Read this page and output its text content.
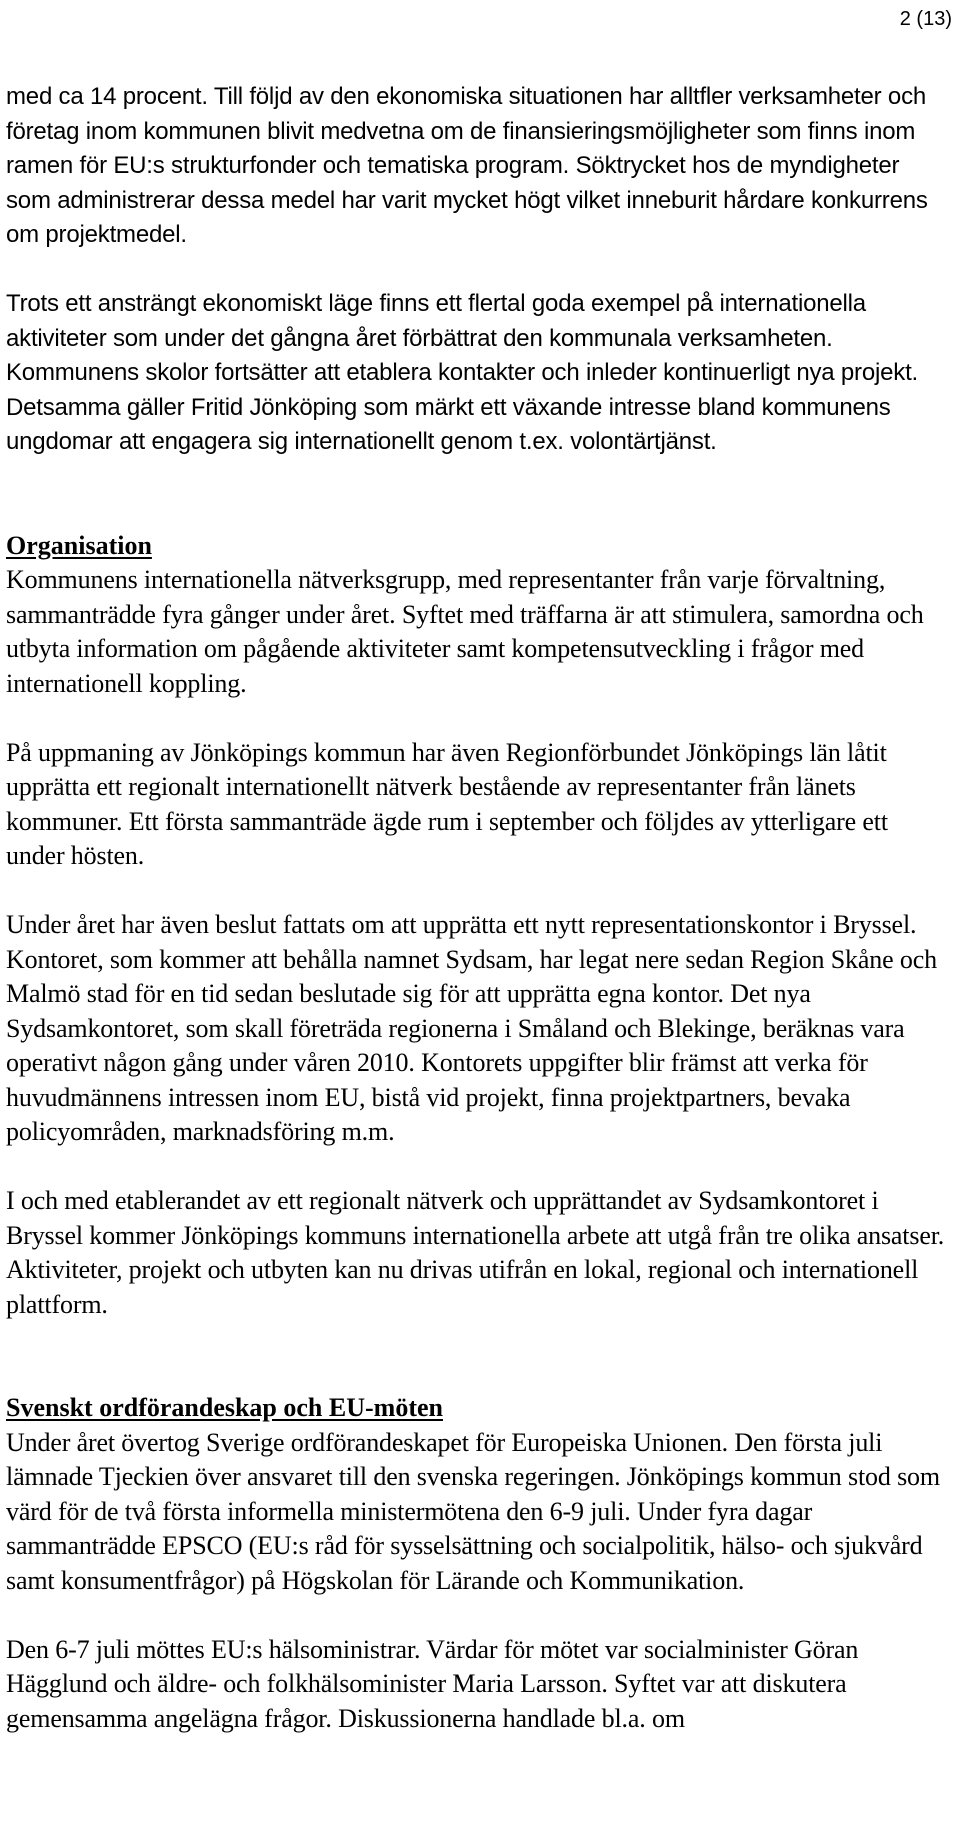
2 (13)

med ca 14 procent. Till följd av den ekonomiska situationen har alltfler verksamheter och företag inom kommunen blivit medvetna om de finansieringsmöjligheter som finns inom ramen för EU:s strukturfonder och tematiska program. Söktrycket hos de myndigheter som administrerar dessa medel har varit mycket högt vilket inneburit hårdare konkurrens om projektmedel.

Trots ett ansträngt ekonomiskt läge finns ett flertal goda exempel på internationella aktiviteter som under det gångna året förbättrat den kommunala verksamheten. Kommunens skolor fortsätter att etablera kontakter och inleder kontinuerligt nya projekt. Detsamma gäller Fritid Jönköping som märkt ett växande intresse bland kommunens ungdomar att engagera sig internationellt genom t.ex. volontärtjänst.

Organisation

Kommunens internationella nätverksgrupp, med representanter från varje förvaltning, sammanträdde fyra gånger under året. Syftet med träffarna är att stimulera, samordna och utbyta information om pågående aktiviteter samt kompetensutveckling i frågor med internationell koppling.

På uppmaning av Jönköpings kommun har även Regionförbundet Jönköpings län låtit upprätta ett regionalt internationellt nätverk bestående av representanter från länets kommuner. Ett första sammanträde ägde rum i september och följdes av ytterligare ett under hösten.

Under året har även beslut fattats om att upprätta ett nytt representationskontor i Bryssel. Kontoret, som kommer att behålla namnet Sydsam, har legat nere sedan Region Skåne och Malmö stad för en tid sedan beslutade sig för att upprätta egna kontor. Det nya Sydsamkontoret, som skall företräda regionerna i Småland och Blekinge, beräknas vara operativt någon gång under våren 2010. Kontorets uppgifter blir främst att verka för huvudmännens intressen inom EU, bistå vid projekt, finna projektpartners, bevaka policyområden, marknadsföring m.m.

I och med etablerandet av ett regionalt nätverk och upprättandet av Sydsamkontoret i Bryssel kommer Jönköpings kommuns internationella arbete att utgå från tre olika ansatser. Aktiviteter, projekt och utbyten kan nu drivas utifrån en lokal, regional och internationell plattform.

Svenskt ordförandeskap och EU-möten

Under året övertog Sverige ordförandeskapet för Europeiska Unionen. Den första juli lämnade Tjeckien över ansvaret till den svenska regeringen. Jönköpings kommun stod som värd för de två första informella ministermötena den 6-9 juli. Under fyra dagar sammanträdde EPSCO (EU:s råd för sysselsättning och socialpolitik, hälso- och sjukvård samt konsumentfrågor) på Högskolan för Lärande och Kommunikation.

Den 6-7 juli möttes EU:s hälsoministrar. Värdar för mötet var socialminister Göran Hägglund och äldre- och folkhälsominister Maria Larsson. Syftet var att diskutera gemensamma angelägna frågor. Diskussionerna handlade bl.a. om
